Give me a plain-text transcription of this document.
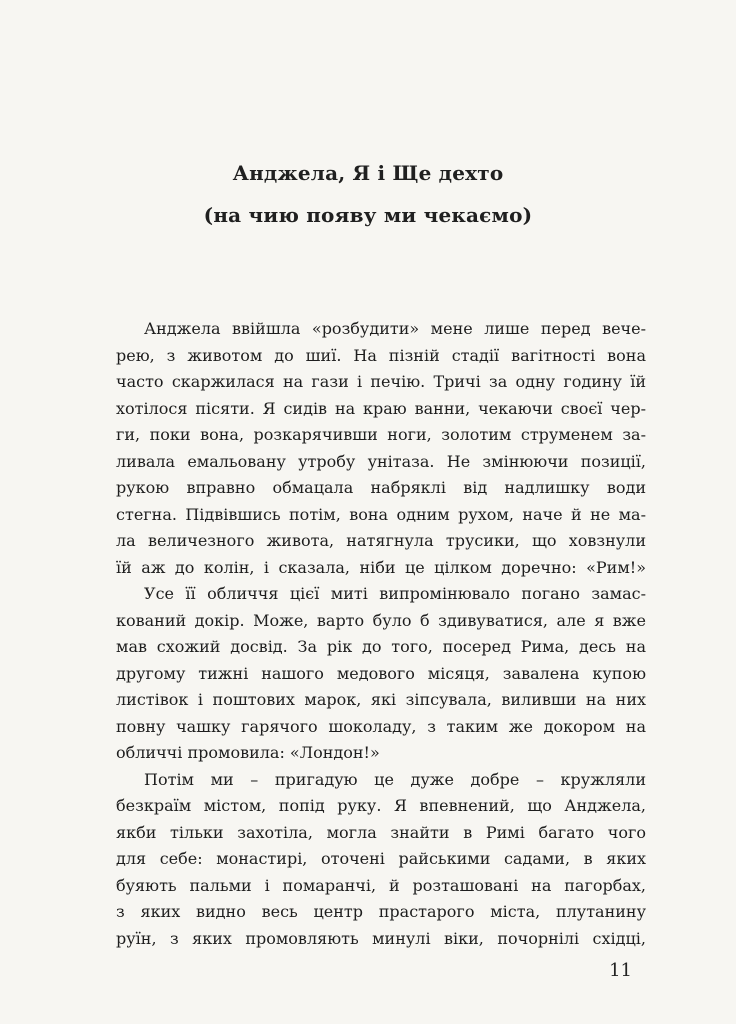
Анджела, Я і Ще дехто
(на чию появу ми чекаємо)
Анджела ввійшла «розбудити» мене лише перед вече-
рею, з животом до шиї. На пізній стадії вагітності вона
часто скаржилася на гази і печію. Тричі за одну годину їй
хотілося пісяти. Я сидів на краю ванни, чекаючи своєї чер-
ги, поки вона, розкарячивши ноги, золотим струменем за-
ливала емальовану утробу унітаза. Не змінюючи позиції,
рукою вправно обмацала набряклі від надлишку води
стегна. Підвівшись потім, вона одним рухом, наче й не ма-
ла величезного живота, натягнула трусики, що ховзнули
їй аж до колін, і сказала, ніби це цілком доречно: «Рим!»
Усе її обличчя цієї миті випромінювало погано замас-
кований докір. Може, варто було б здивуватися, але я вже
мав схожий досвід. За рік до того, посеред Рима, десь на
другому тижні нашого медового місяця, завалена купою
листівок і поштових марок, які зіпсувала, виливши на них
повну чашку гарячого шоколаду, з таким же докором на
обличчі промовила: «Лондон!»
Потім ми – пригадую це дуже добре – кружляли
безкраїм містом, попід руку. Я впевнений, що Анджела,
якби тільки захотіла, могла знайти в Римі багато чого
для себе: монастирі, оточені райськими садами, в яких
буяють пальми і помаранчі, й розташовані на пагорбах,
з яких видно весь центр прастарого міста, плутанину
руїн, з яких промовляють минулі віки, почорнілі східці,
11
